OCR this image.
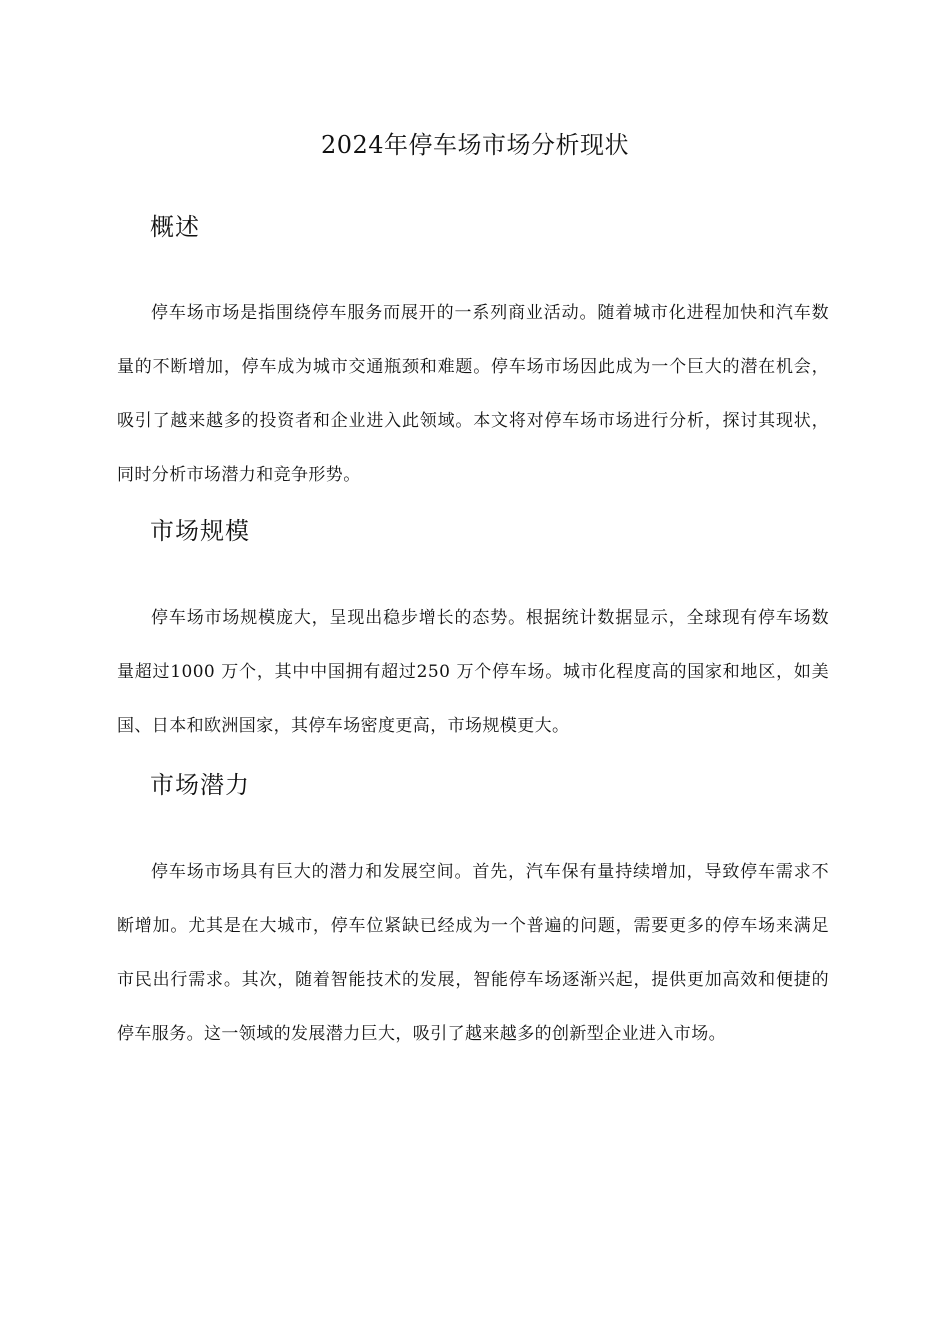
2024年停车场市场分析现状
概述

停车场市场是指围绕停车服务而展开的一系列商业活动。随着城市化进程加快和汽车数量的不断增加，停车成为城市交通瓶颈和难题。停车场市场因此成为一个巨大的潜在机会，吸引了越来越多的投资者和企业进入此领域。本文将对停车场市场进行分析，探讨其现状，同时分析市场潜力和竞争形势。

市场规模

停车场市场规模庞大，呈现出稳步增长的态势。根据统计数据显示，全球现有停车场数量超过1000 万个，其中中国拥有超过250 万个停车场。城市化程度高的国家和地区，如美国、日本和欧洲国家，其停车场密度更高，市场规模更大。

市场潜力

停车场市场具有巨大的潜力和发展空间。首先，汽车保有量持续增加，导致停车需求不断增加。尤其是在大城市，停车位紧缺已经成为一个普遍的问题，需要更多的停车场来满足市民出行需求。其次，随着智能技术的发展，智能停车场逐渐兴起，提供更加高效和便捷的停车服务。这一领域的发展潜力巨大，吸引了越来越多的创新型企业进入市场。
